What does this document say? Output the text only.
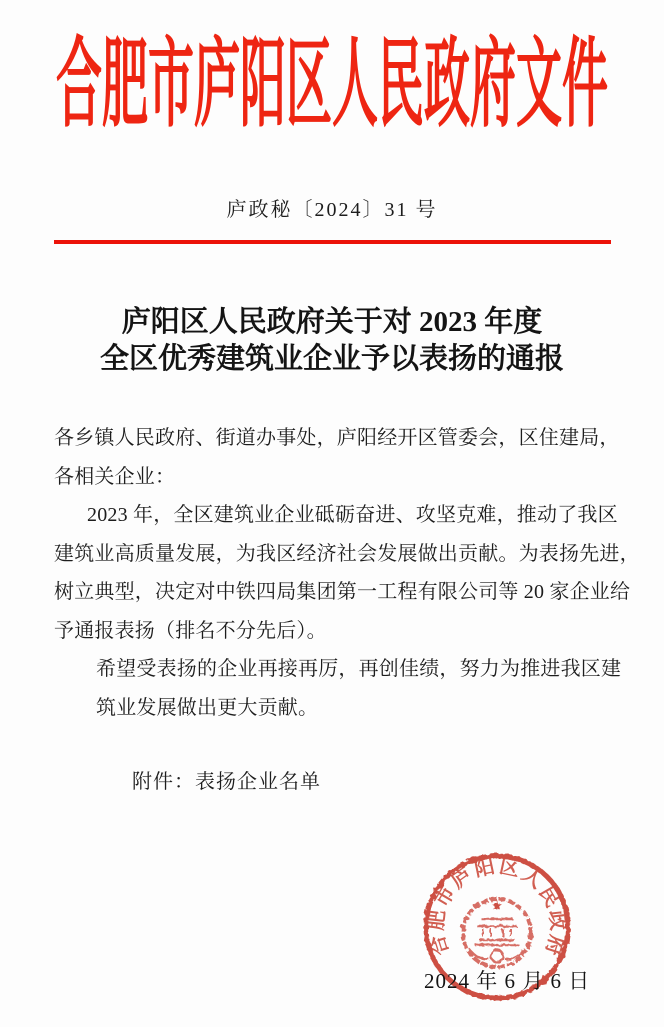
合肥市庐阳区人民政府文件
庐政秘〔2024〕31 号
庐阳区人民政府关于对 2023 年度
全区优秀建筑业企业予以表扬的通报
各乡镇人民政府、街道办事处，庐阳经开区管委会，区住建局，
各相关企业：
2023 年，全区建筑业企业砥砺奋进、攻坚克难，推动了我区
建筑业高质量发展，为我区经济社会发展做出贡献。为表扬先进，
树立典型，决定对中铁四局集团第一工程有限公司等 20 家企业给
予通报表扬（排名不分先后）。
希望受表扬的企业再接再厉，再创佳绩，努力为推进我区建
筑业发展做出更大贡献。
附件：表扬企业名单
★
合肥市庐阳区人民政府
2024 年 6 月 6 日
